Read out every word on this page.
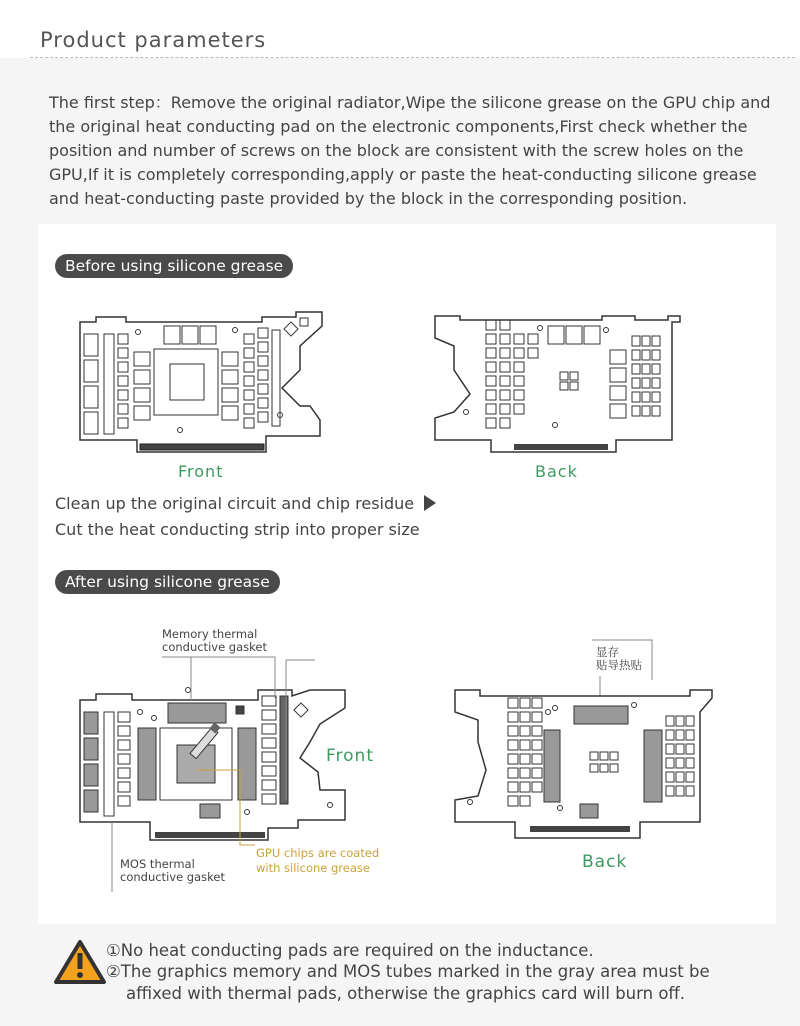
Product parameters
The first step：Remove the original radiator,Wipe the silicone grease on the GPU chip and the original heat conducting pad on the electronic components,First check whether the position and number of screws on the block are consistent with the screw holes on the GPU,If it is completely corresponding,apply or paste the heat-conducting silicone grease and heat-conducting paste provided by the block in the corresponding position.
Before using silicone grease
After using silicone grease
Front	Back
Clean up the original circuit and chip residue
Cut the heat conducting strip into proper size
Memory thermal
conductive gasket
Front
Back
显存
贴导热贴
GPU chips are coated
with silicone grease
MOS thermal
conductive gasket
①No heat conducting pads are required on the inductance.
②The graphics memory and MOS tubes marked in the gray area must be
affixed with thermal pads, otherwise the graphics card will burn off.
